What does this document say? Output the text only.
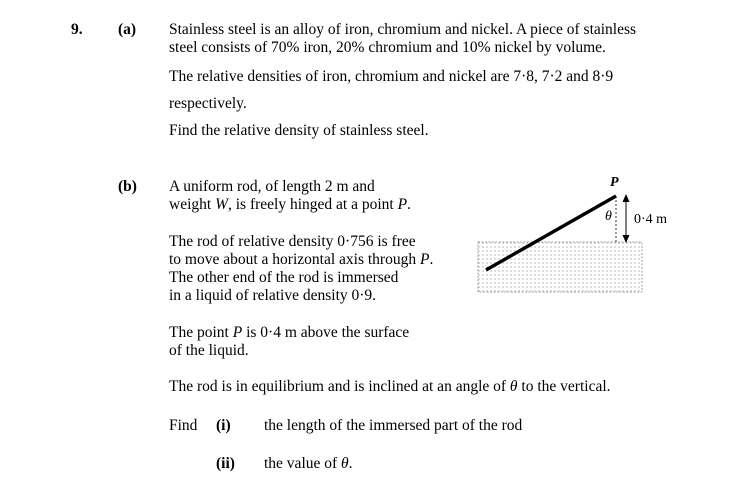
9. (a) Stainless steel is an alloy of iron, chromium and nickel. A piece of stainless
steel consists of 70% iron, 20% chromium and 10% nickel by volume.
The relative densities of iron, chromium and nickel are 7·8, 7·2 and 8·9
respectively.
Find the relative density of stainless steel.
(b) A uniform rod, of length 2 m and
weight W, is freely hinged at a point P.
The rod of relative density 0·756 is free
to move about a horizontal axis through P.
The other end of the rod is immersed
in a liquid of relative density 0·9.
The point P is 0·4 m above the surface
of the liquid.
The rod is in equilibrium and is inclined at an angle of θ to the vertical.
Find (i) the length of the immersed part of the rod
(ii) the value of θ.
P
θ 0·4 m
